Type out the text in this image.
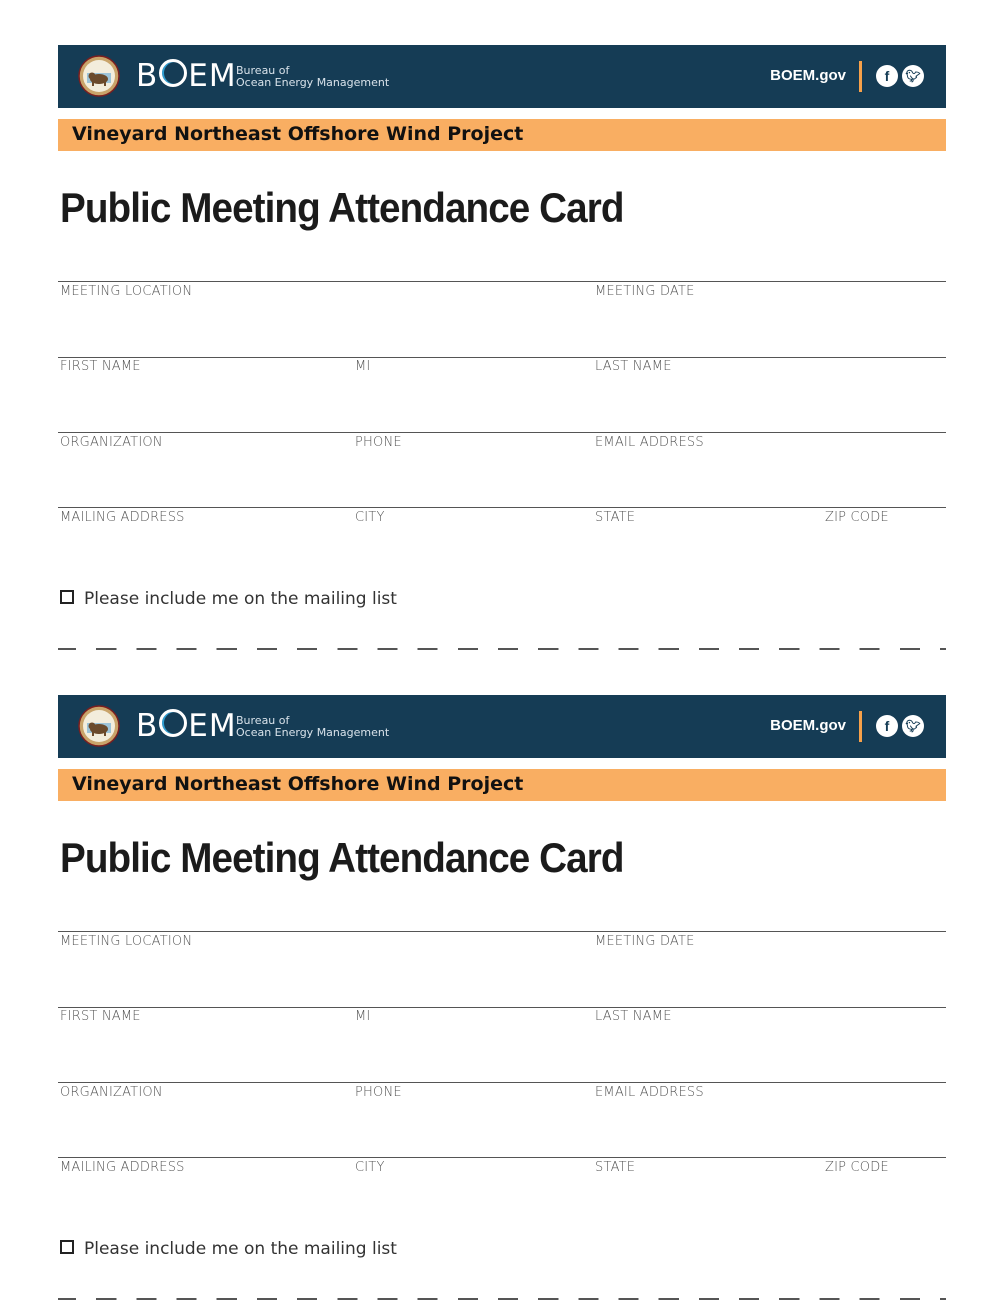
B EM Bureau of
Ocean Energy Management	BOEM.gov	f	🐦︎
Vineyard Northeast Offshore Wind Project
Public Meeting Attendance Card
MEETING LOCATION	MEETING DATE
FIRST NAME	MI	LAST NAME
ORGANIZATION	PHONE	EMAIL ADDRESS
MAILING ADDRESS	CITY	STATE	ZIP CODE
Please include me on the mailing list
B EM Bureau of
Ocean Energy Management	BOEM.gov	f	🐦︎
Vineyard Northeast Offshore Wind Project
Public Meeting Attendance Card
MEETING LOCATION	MEETING DATE
FIRST NAME	MI	LAST NAME
ORGANIZATION	PHONE	EMAIL ADDRESS
MAILING ADDRESS	CITY	STATE	ZIP CODE
Please include me on the mailing list
